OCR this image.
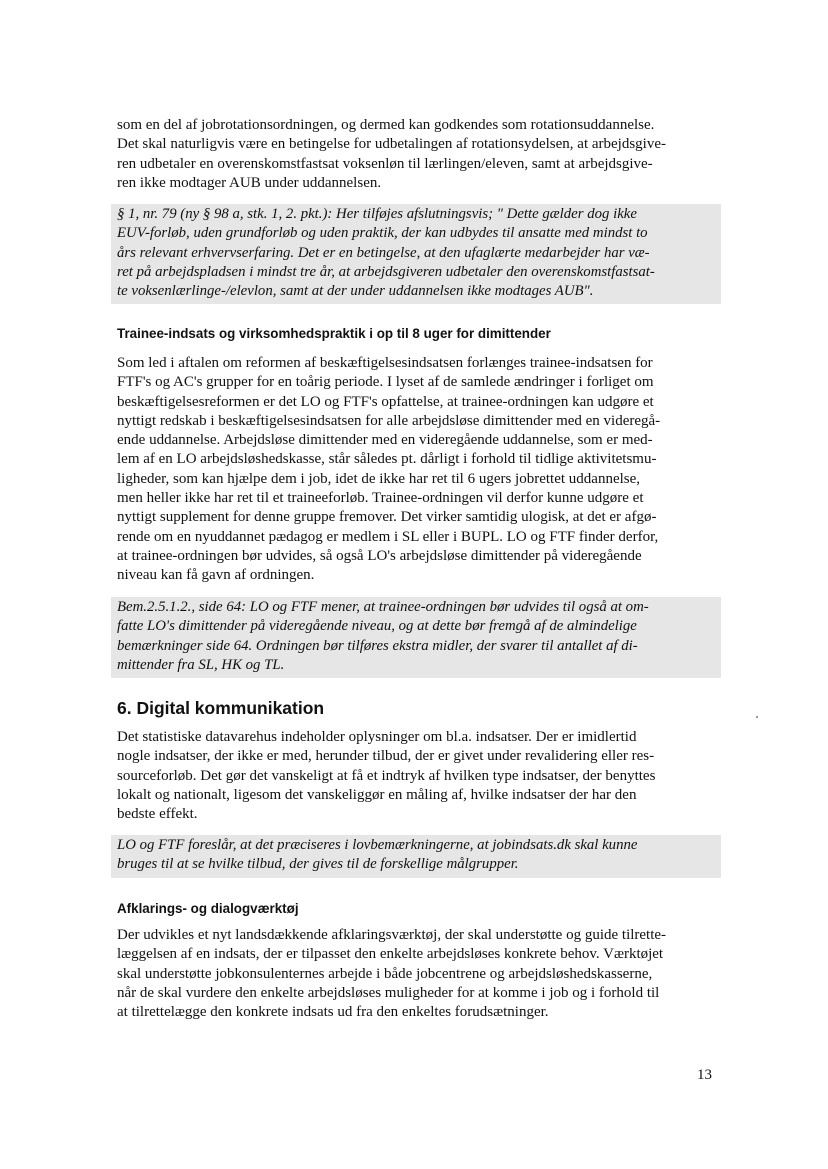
som en del af jobrotationsordningen, og dermed kan godkendes som rotationsuddannelse.
Det skal naturligvis være en betingelse for udbetalingen af rotationsydelsen, at arbejdsgive-
ren udbetaler en overenskomstfastsat voksenløn til lærlingen/eleven, samt at arbejdsgive-
ren ikke modtager AUB under uddannelsen.
§ 1, nr. 79 (ny § 98 a, stk. 1, 2. pkt.): Her tilføjes afslutningsvis; " Dette gælder dog ikke
EUV-forløb, uden grundforløb og uden praktik, der kan udbydes til ansatte med mindst to
års relevant erhvervserfaring. Det er en betingelse, at den ufaglærte medarbejder har væ-
ret på arbejdspladsen i mindst tre år, at arbejdsgiveren udbetaler den overenskomstfastsat-
te voksenlærlinge-/elevlon, samt at der under uddannelsen ikke modtages AUB".
Trainee-indsats og virksomhedspraktik i op til 8 uger for dimittender
Som led i aftalen om reformen af beskæftigelsesindsatsen forlænges trainee-indsatsen for
FTF's og AC's grupper for en toårig periode. I lyset af de samlede ændringer i forliget om
beskæftigelsesreformen er det LO og FTF's opfattelse, at trainee-ordningen kan udgøre et
nyttigt redskab i beskæftigelsesindsatsen for alle arbejdsløse dimittender med en videregå-
ende uddannelse. Arbejdsløse dimittender med en videregående uddannelse, som er med-
lem af en LO arbejdsløshedskasse, står således pt. dårligt i forhold til tidlige aktivitetsmu-
ligheder, som kan hjælpe dem i job, idet de ikke har ret til 6 ugers jobrettet uddannelse,
men heller ikke har ret til et traineeforløb. Trainee-ordningen vil derfor kunne udgøre et
nyttigt supplement for denne gruppe fremover. Det virker samtidig ulogisk, at det er afgø-
rende om en nyuddannet pædagog er medlem i SL eller i BUPL. LO og FTF finder derfor,
at trainee-ordningen bør udvides, så også LO's arbejdsløse dimittender på videregående
niveau kan få gavn af ordningen.
Bem.2.5.1.2., side 64: LO og FTF mener, at trainee-ordningen bør udvides til også at om-
fatte LO's dimittender på videregående niveau, og at dette bør fremgå af de almindelige
bemærkninger side 64. Ordningen bør tilføres ekstra midler, der svarer til antallet af di-
mittender fra SL, HK og TL.
6. Digital kommunikation
Det statistiske datavarehus indeholder oplysninger om bl.a. indsatser. Der er imidlertid
nogle indsatser, der ikke er med, herunder tilbud, der er givet under revalidering eller res-
sourceforløb. Det gør det vanskeligt at få et indtryk af hvilken type indsatser, der benyttes
lokalt og nationalt, ligesom det vanskeliggør en måling af, hvilke indsatser der har den
bedste effekt.
LO og FTF foreslår, at det præciseres i lovbemærkningerne, at jobindsats.dk skal kunne
bruges til at se hvilke tilbud, der gives til de forskellige målgrupper.
Afklarings- og dialogværktøj
Der udvikles et nyt landsdækkende afklaringsværktøj, der skal understøtte og guide tilrette-
læggelsen af en indsats, der er tilpasset den enkelte arbejdsløses konkrete behov. Værktøjet
skal understøtte jobkonsulenternes arbejde i både jobcentrene og arbejdsløshedskasserne,
når de skal vurdere den enkelte arbejdsløses muligheder for at komme i job og i forhold til
at tilrettelægge den konkrete indsats ud fra den enkeltes forudsætninger.
13
